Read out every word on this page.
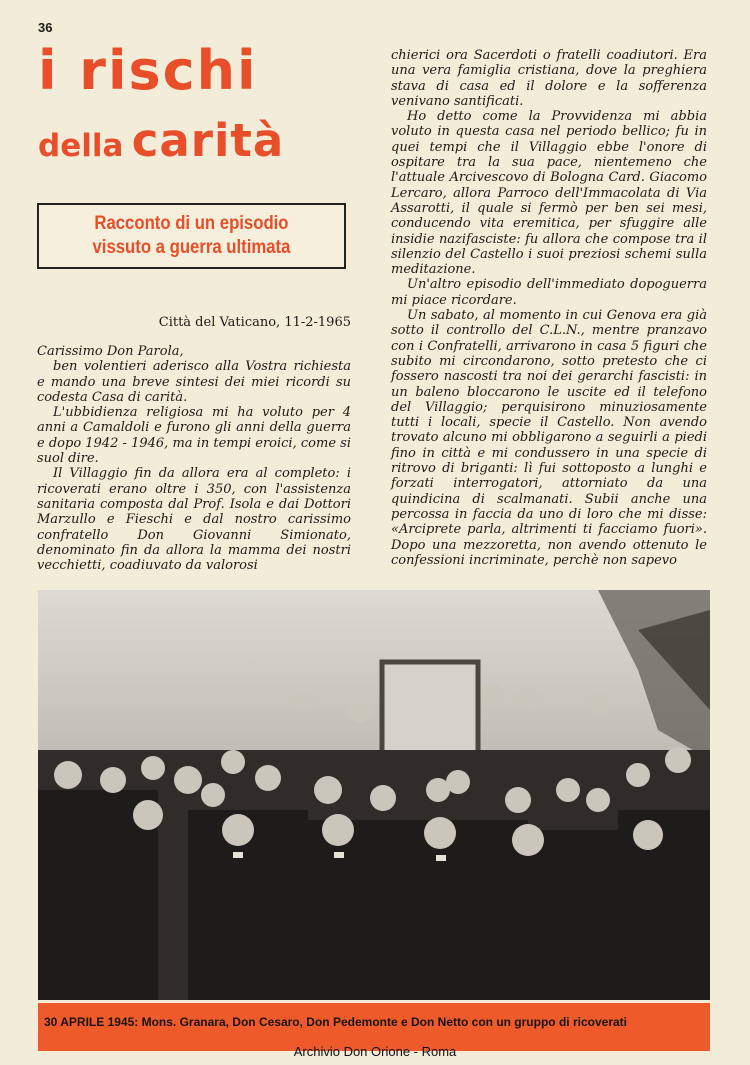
36
i rischi
della carità
Racconto di un episodio
vissuto a guerra ultimata

Città del Vaticano, 11-2-1965

Carissimo Don Parola,
ben volentieri aderisco alla Vostra richiesta e mando una breve sintesi dei miei ricordi su codesta Casa di carità.
L'ubbidienza religiosa mi ha voluto per 4 anni a Camaldoli e furono gli anni della guerra e dopo 1942 - 1946, ma in tempi eroici, come si suol dire.
Il Villaggio fin da allora era al completo: i ricoverati erano oltre i 350, con l'assistenza sanitaria composta dal Prof. Isola e dai Dottori Marzullo e Fieschi e dal nostro carissimo confratello Don Giovanni Simionato, denominato fin da allora la mamma dei nostri vecchietti, coadiuvato da valorosi

chierici ora Sacerdoti o fratelli coadiutori. Era una vera famiglia cristiana, dove la preghiera stava di casa ed il dolore e la sofferenza venivano santificati.
Ho detto come la Provvidenza mi abbia voluto in questa casa nel periodo bellico; fu in quei tempi che il Villaggio ebbe l'onore di ospitare tra la sua pace, nientemeno che l'attuale Arcivescovo di Bologna Card. Giacomo Lercaro, allora Parroco dell'Immacolata di Via Assarotti, il quale si fermò per ben sei mesi, conducendo vita eremitica, per sfuggire alle insidie nazifasciste: fu allora che compose tra il silenzio del Castello i suoi preziosi schemi sulla meditazione.
Un'altro episodio dell'immediato dopoguerra mi piace ricordare.
Un sabato, al momento in cui Genova era già sotto il controllo del C.L.N., mentre pranzavo con i Confratelli, arrivarono in casa 5 figuri che subito mi circondarono, sotto pretesto che ci fossero nascosti tra noi dei gerarchi fascisti: in un baleno bloccarono le uscite ed il telefono del Villaggio; perquisirono minuziosamente tutti i locali, specie il Castello. Non avendo trovato alcuno mi obbligarono a seguirli a piedi fino in città e mi condussero in una specie di ritrovo di briganti: lì fui sottoposto a lunghi e forzati interrogatori, attorniato da una quindicina di scalmanati. Subii anche una percossa in faccia da uno di loro che mi disse: «Arciprete parla, altrimenti ti facciamo fuori». Dopo una mezzoretta, non avendo ottenuto le confessioni incriminate, perchè non sapevo

30 APRILE 1945: Mons. Granara, Don Cesaro, Don Pedemonte e Don Netto con un gruppo di ricoverati
Archivio Don Orione - Roma
